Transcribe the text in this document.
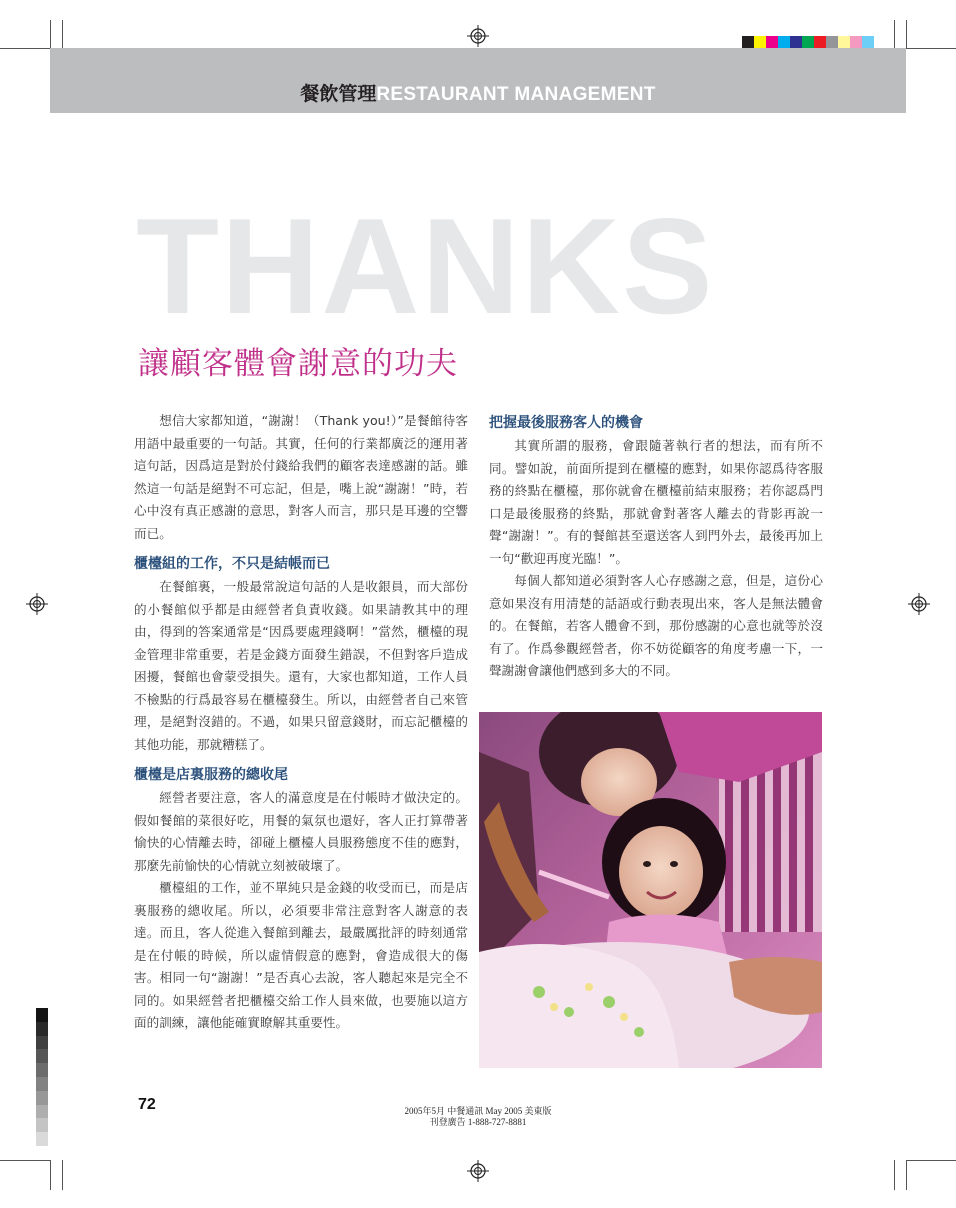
餐飲管理RESTAURANT MANAGEMENT
THANKS
讓顧客體會謝意的功夫

想信大家都知道，“謝謝！（Thank you!）”是餐館待客用語中最重要的一句話。其實，任何的行業都廣泛的運用著這句話，因爲這是對於付錢給我們的顧客表達感謝的話。雖然這一句話是絕對不可忘記，但是，嘴上說“謝謝！”時，若心中沒有真正感謝的意思，對客人而言，那只是耳邊的空響而已。

櫃檯組的工作，不只是結帳而已

在餐館裏，一般最常說這句話的人是收銀員，而大部份的小餐館似乎都是由經營者負責收錢。如果請教其中的理由，得到的答案通常是“因爲要處理錢啊！”當然，櫃檯的現金管理非常重要，若是金錢方面發生錯誤，不但對客戶造成困擾，餐館也會蒙受損失。還有，大家也都知道，工作人員不檢點的行爲最容易在櫃檯發生。所以，由經營者自己來管理，是絕對沒錯的。不過，如果只留意錢財，而忘記櫃檯的其他功能，那就糟糕了。

櫃檯是店裏服務的總收尾

經營者要注意，客人的滿意度是在付帳時才做決定的。假如餐館的菜很好吃，用餐的氣氛也還好，客人正打算帶著愉快的心情離去時，卻碰上櫃檯人員服務態度不佳的應對，那麼先前愉快的心情就立刻被破壞了。

櫃檯組的工作，並不單純只是金錢的收受而已，而是店裏服務的總收尾。所以，必須要非常注意對客人謝意的表達。而且，客人從進入餐館到離去，最嚴厲批評的時刻通常是在付帳的時候，所以虛情假意的應對，會造成很大的傷害。相同一句“謝謝！”是否真心去說，客人聽起來是完全不同的。如果經營者把櫃檯交給工作人員來做，也要施以這方面的訓練，讓他能確實瞭解其重要性。

把握最後服務客人的機會

其實所謂的服務，會跟隨著執行者的想法，而有所不同。譬如說，前面所提到在櫃檯的應對，如果你認爲待客服務的終點在櫃檯，那你就會在櫃檯前結束服務；若你認爲門口是最後服務的終點，那就會對著客人離去的背影再說一聲“謝謝！”。有的餐館甚至還送客人到門外去，最後再加上一句“歡迎再度光臨！”。

每個人都知道必須對客人心存感謝之意，但是，這份心意如果沒有用清楚的話語或行動表現出來，客人是無法體會的。在餐館，若客人體會不到，那份感謝的心意也就等於沒有了。作爲參觀經營者，你不妨從顧客的角度考慮一下，一聲謝謝會讓他們感到多大的不同。

72	2005年5月 中餐通訊 May 2005 美東版
刊登廣告 1-888-727-8881
